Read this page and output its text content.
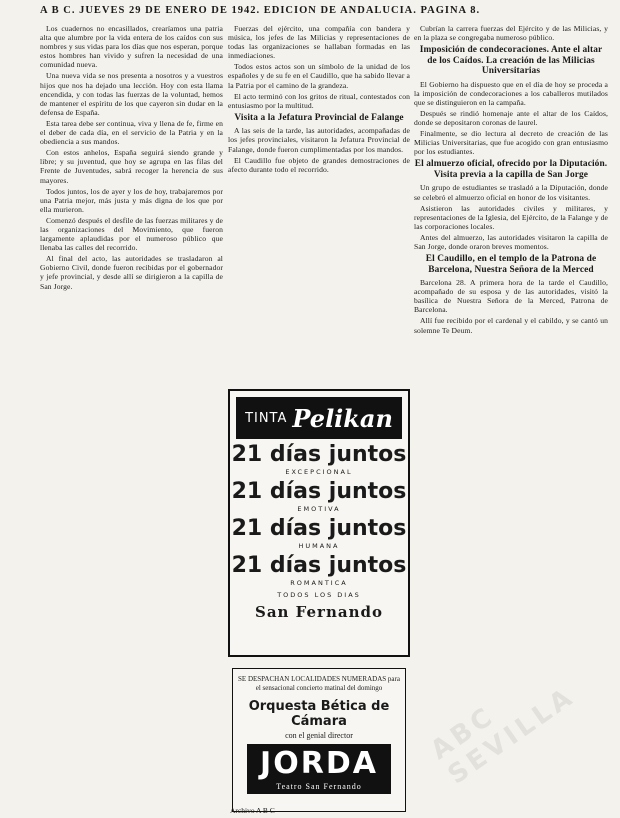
A B C. JUEVES 29 DE ENERO DE 1942. EDICION DE ANDALUCIA. PAGINA 8.

Los cuadernos no encasillados, crearíamos una patria alta que alumbre por la vida entera de los caídos con sus nombres y sus vidas para los días que nos esperan, porque estos hombres han vivido y sufren la necesidad de una comunidad nueva.

Una nueva vida se nos presenta a nosotros y a vuestros hijos que nos ha dejado una lección. Hoy con esta llama encendida, y con todas las fuerzas de la voluntad, hemos de mantener el espíritu de los que cayeron sin dudar en la defensa de España.

Esta tarea debe ser continua, viva y llena de fe, firme en el deber de cada día, en el servicio de la Patria y en la obediencia a sus mandos.

Con estos anhelos, España seguirá siendo grande y libre; y su juventud, que hoy se agrupa en las filas del Frente de Juventudes, sabrá recoger la herencia de sus mayores.

Todos juntos, los de ayer y los de hoy, trabajaremos por una Patria mejor, más justa y más digna de los que por ella murieron.

Comenzó después el desfile de las fuerzas militares y de las organizaciones del Movimiento, que fueron largamente aplaudidas por el numeroso público que llenaba las calles del recorrido.

Al final del acto, las autoridades se trasladaron al Gobierno Civil, donde fueron recibidas por el gobernador y jefe provincial, y desde allí se dirigieron a la capilla de San Jorge.

Fuerzas del ejército, una compañía con bandera y música, los jefes de las Milicias y representaciones de todas las organizaciones se hallaban formadas en las inmediaciones.

Todos estos actos son un símbolo de la unidad de los españoles y de su fe en el Caudillo, que ha sabido llevar a la Patria por el camino de la grandeza.

El acto terminó con los gritos de ritual, contestados con entusiasmo por la multitud.

Visita a la Jefatura Provincial de Falange

A las seis de la tarde, las autoridades, acompañadas de los jefes provinciales, visitaron la Jefatura Provincial de Falange, donde fueron cumplimentadas por los mandos.

El Caudillo fue objeto de grandes demostraciones de afecto durante todo el recorrido.

TINTA Pelikan
21 días juntos
EXCEPCIONAL
21 días juntos
EMOTIVA
21 días juntos
HUMANA
21 días juntos
ROMANTICA
TODOS LOS DIAS
San Fernando
SE DESPACHAN LOCALIDADES NUMERADAS para el sensacional concierto matinal del domingo
Orquesta Bética de Cámara
con el genial director
JORDA
Teatro San Fernando

Cubrían la carrera fuerzas del Ejército y de las Milicias, y en la plaza se congregaba numeroso público.

Imposición de condecoraciones. Ante el altar de los Caídos. La creación de las Milicias Universitarias

El Gobierno ha dispuesto que en el día de hoy se proceda a la imposición de condecoraciones a los caballeros mutilados que se distinguieron en la campaña.

Después se rindió homenaje ante el altar de los Caídos, donde se depositaron coronas de laurel.

Finalmente, se dio lectura al decreto de creación de las Milicias Universitarias, que fue acogido con gran entusiasmo por los estudiantes.

El almuerzo oficial, ofrecido por la Diputación. Visita previa a la capilla de San Jorge

Un grupo de estudiantes se trasladó a la Diputación, donde se celebró el almuerzo oficial en honor de los visitantes.

Asistieron las autoridades civiles y militares, y representaciones de la Iglesia, del Ejército, de la Falange y de las corporaciones locales.

Antes del almuerzo, las autoridades visitaron la capilla de San Jorge, donde oraron breves momentos.

El Caudillo, en el templo de la Patrona de Barcelona, Nuestra Señora de la Merced

Barcelona 28. A primera hora de la tarde el Caudillo, acompañado de su esposa y de las autoridades, visitó la basílica de Nuestra Señora de la Merced, Patrona de Barcelona.

Allí fue recibido por el cardenal y el cabildo, y se cantó un solemne Te Deum.

ABC SEVILLA
Archivo A B C
